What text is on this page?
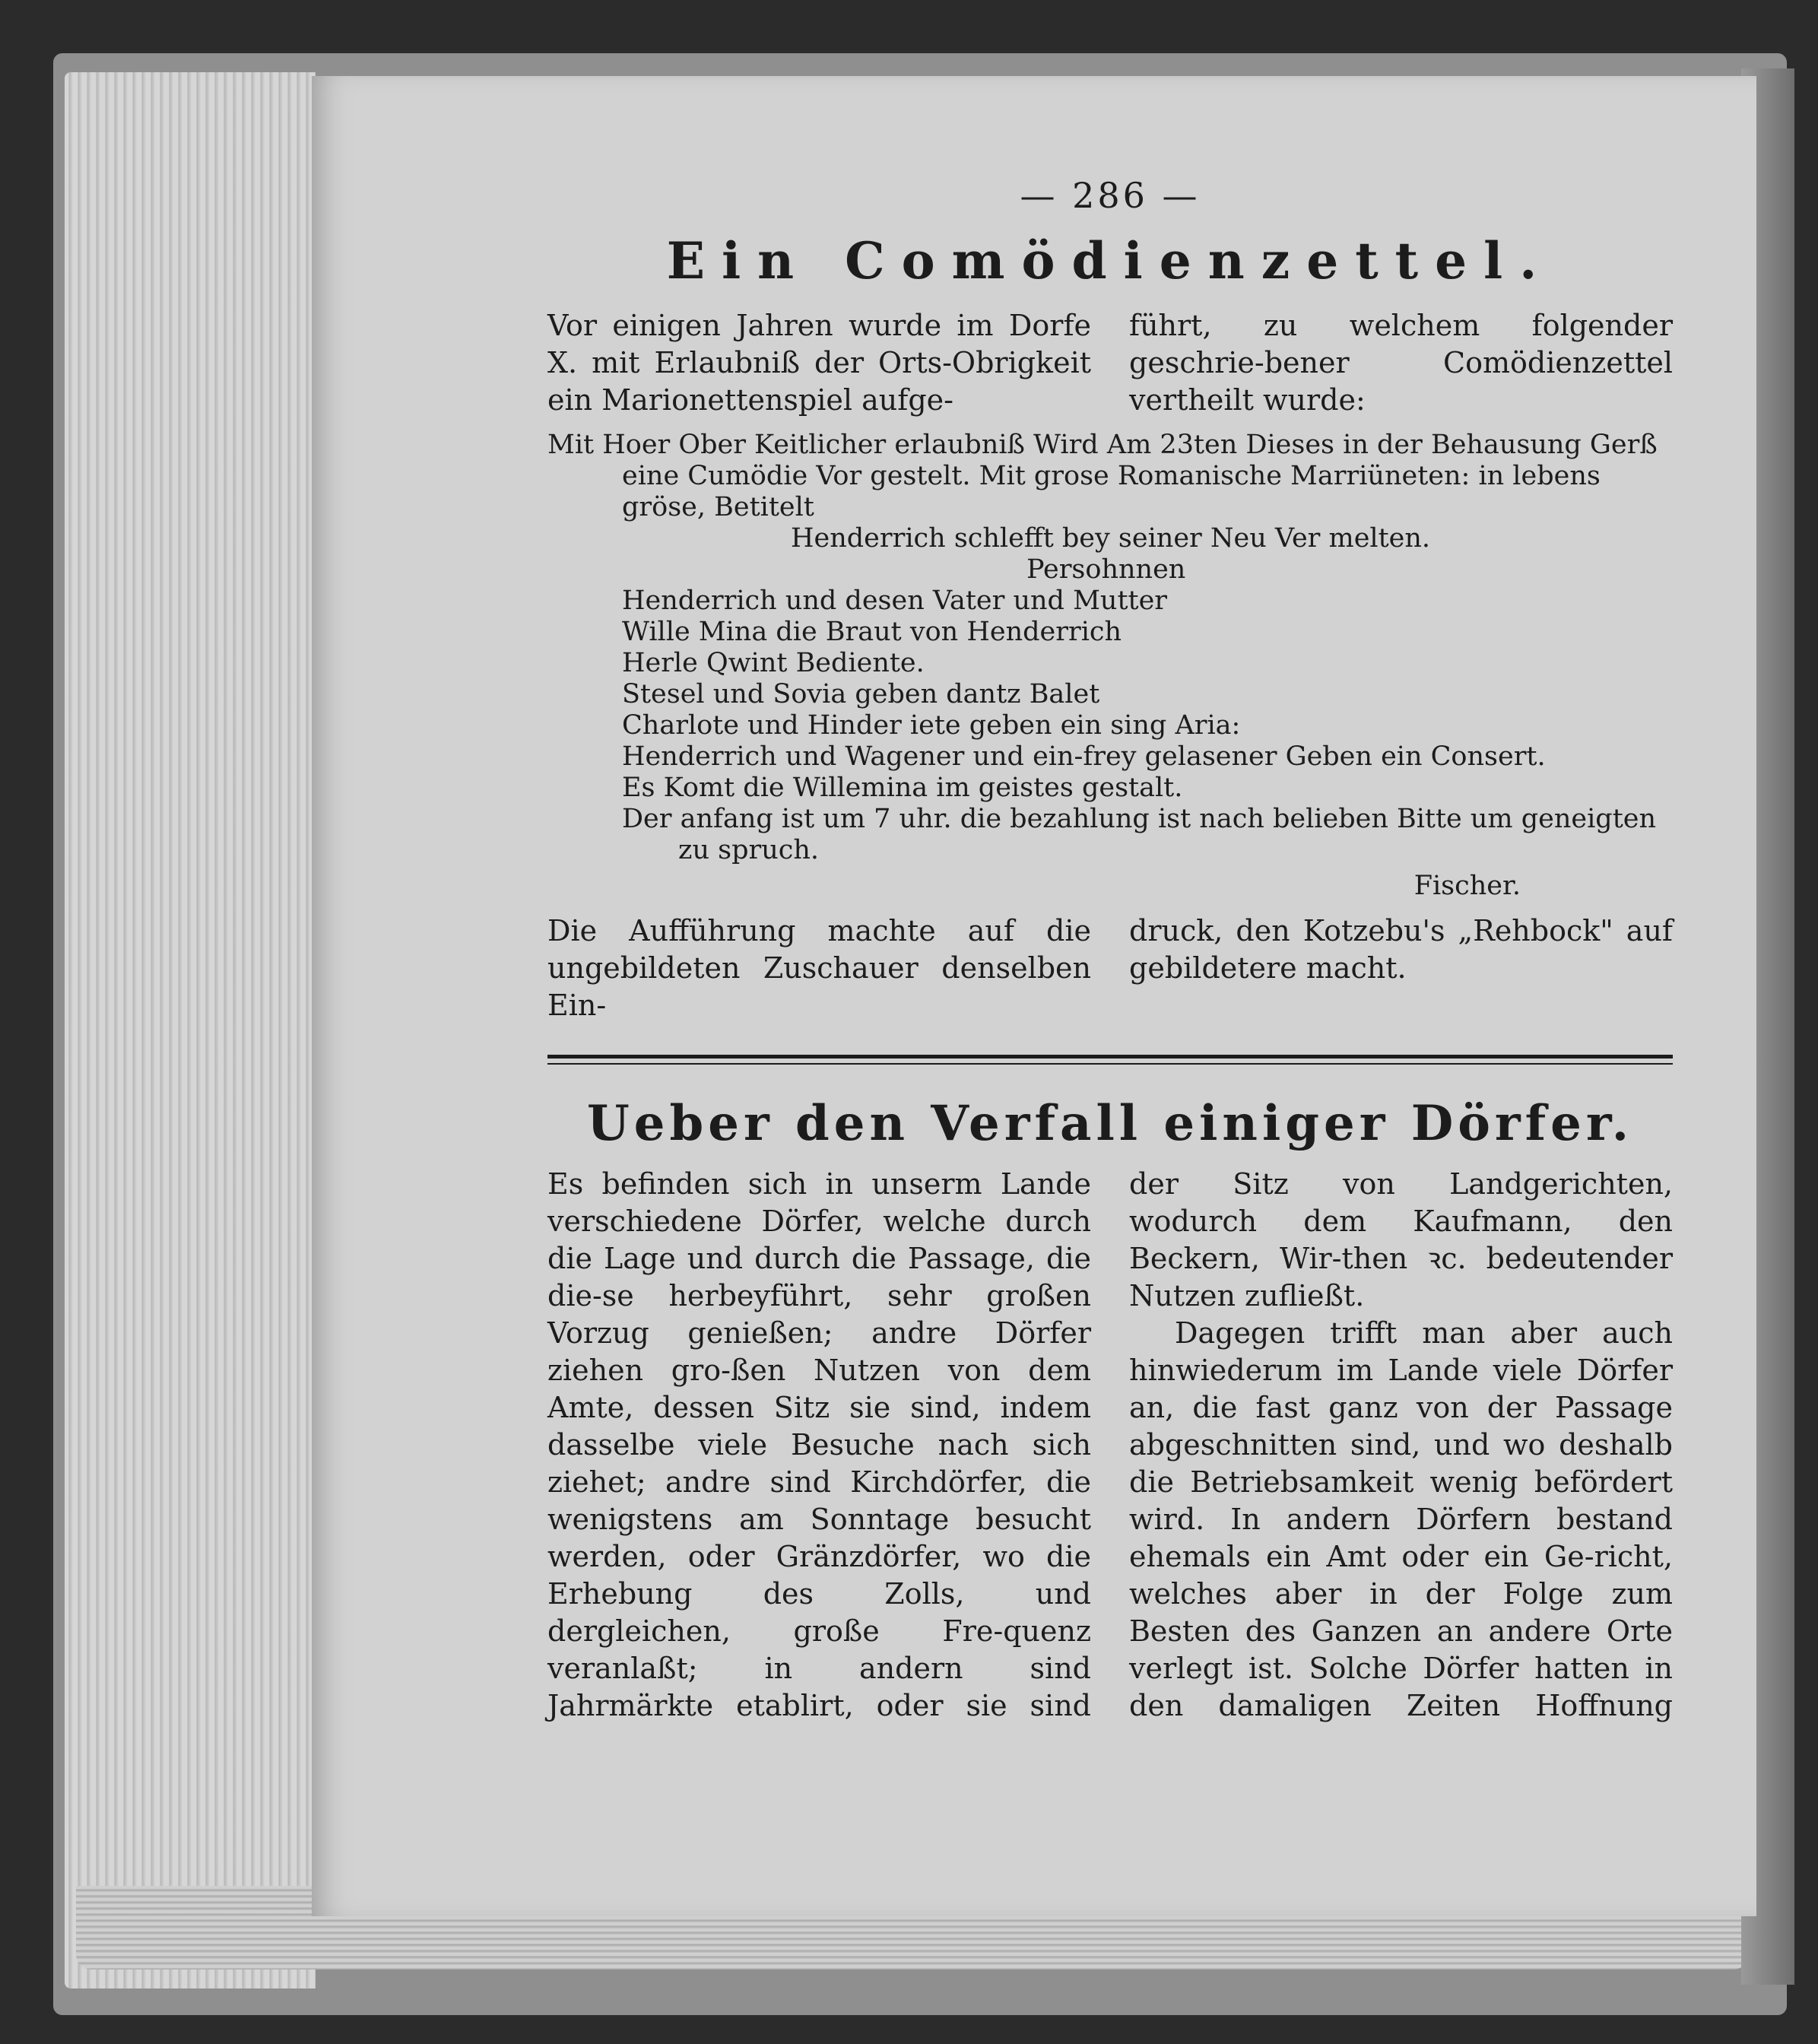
— 286 —
Ein Comödienzettel.

Vor einigen Jahren wurde im Dorfe X. mit Erlaubniß der Orts-Obrigkeit ein Marionettenspiel aufge-

führt, zu welchem folgender geschrie-bener Comödienzettel vertheilt wurde:

Mit Hoer Ober Keitlicher erlaubniß Wird Am 23ten Dieses in der Behausung Gerß
eine Cumödie Vor gestelt. Mit grose Romanische Marriüneten: in lebens
gröse, Betitelt
Henderrich schlefft bey seiner Neu Ver melten.
Persohnnen
Henderrich und desen Vater und Mutter
Wille Mina die Braut von Henderrich
Herle Qwint Bediente.
Stesel und Sovia geben dantz Balet
Charlote und Hinder iete geben ein sing Aria:
Henderrich und Wagener und ein-frey gelasener Geben ein Consert.
Es Komt die Willemina im geistes gestalt.
Der anfang ist um 7 uhr. die bezahlung ist nach belieben Bitte um geneigten
zu spruch.
Fischer.

Die Aufführung machte auf die ungebildeten Zuschauer denselben Ein-

druck, den Kotzebu's „Rehbock" auf gebildetere macht.

Ueber den Verfall einiger Dörfer.

Es befinden sich in unserm Lande verschiedene Dörfer, welche durch die Lage und durch die Passage, die die-se herbeyführt, sehr großen Vorzug genießen; andre Dörfer ziehen gro-ßen Nutzen von dem Amte, dessen Sitz sie sind, indem dasselbe viele Besuche nach sich ziehet; andre sind Kirchdörfer, die wenigstens am Sonntage besucht werden, oder Gränzdörfer, wo die Erhebung des Zolls, und dergleichen, große Fre-quenz veranlaßt; in andern sind Jahrmärkte etablirt, oder sie sind

der Sitz von Landgerichten, wodurch dem Kaufmann, den Beckern, Wir-then ꝛc. bedeutender Nutzen zufließt.

Dagegen trifft man aber auch hinwiederum im Lande viele Dörfer an, die fast ganz von der Passage abgeschnitten sind, und wo deshalb die Betriebsamkeit wenig befördert wird. In andern Dörfern bestand ehemals ein Amt oder ein Ge-richt, welches aber in der Folge zum Besten des Ganzen an andere Orte verlegt ist. Solche Dörfer hatten in den damaligen Zeiten Hoffnung
